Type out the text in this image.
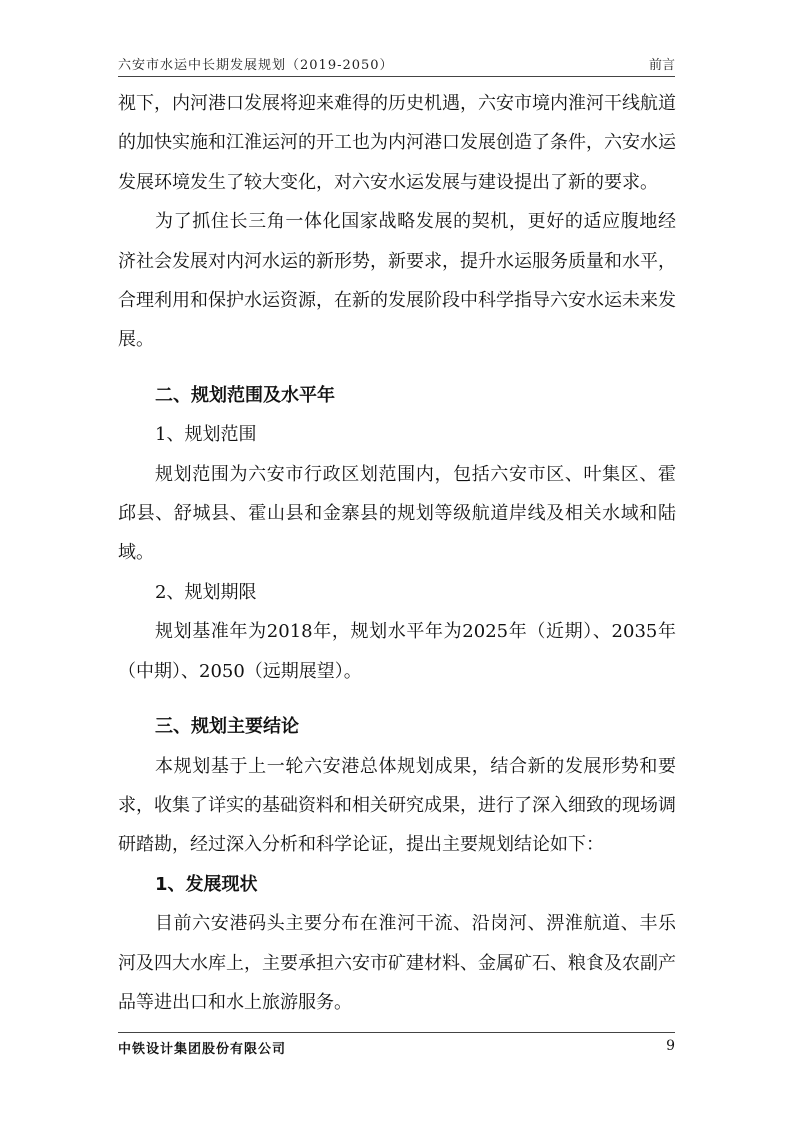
六安市水运中长期发展规划（2019-2050）	前言

视下，内河港口发展将迎来难得的历史机遇，六安市境内淮河干线航道的加快实施和江淮运河的开工也为内河港口发展创造了条件，六安水运发展环境发生了较大变化，对六安水运发展与建设提出了新的要求。

为了抓住长三角一体化国家战略发展的契机，更好的适应腹地经济社会发展对内河水运的新形势，新要求，提升水运服务质量和水平，合理利用和保护水运资源，在新的发展阶段中科学指导六安水运未来发展。

二、规划范围及水平年

1、规划范围

规划范围为六安市行政区划范围内，包括六安市区、叶集区、霍邱县、舒城县、霍山县和金寨县的规划等级航道岸线及相关水域和陆域。

2、规划期限

规划基准年为2018年，规划水平年为2025年（近期）、2035年（中期）、2050（远期展望）。

三、规划主要结论

本规划基于上一轮六安港总体规划成果，结合新的发展形势和要求，收集了详实的基础资料和相关研究成果，进行了深入细致的现场调研踏勘，经过深入分析和科学论证，提出主要规划结论如下：

1、发展现状

目前六安港码头主要分布在淮河干流、沿岗河、淠淮航道、丰乐河及四大水库上，主要承担六安市矿建材料、金属矿石、粮食及农副产品等进出口和水上旅游服务。

中铁设计集团股份有限公司	9
